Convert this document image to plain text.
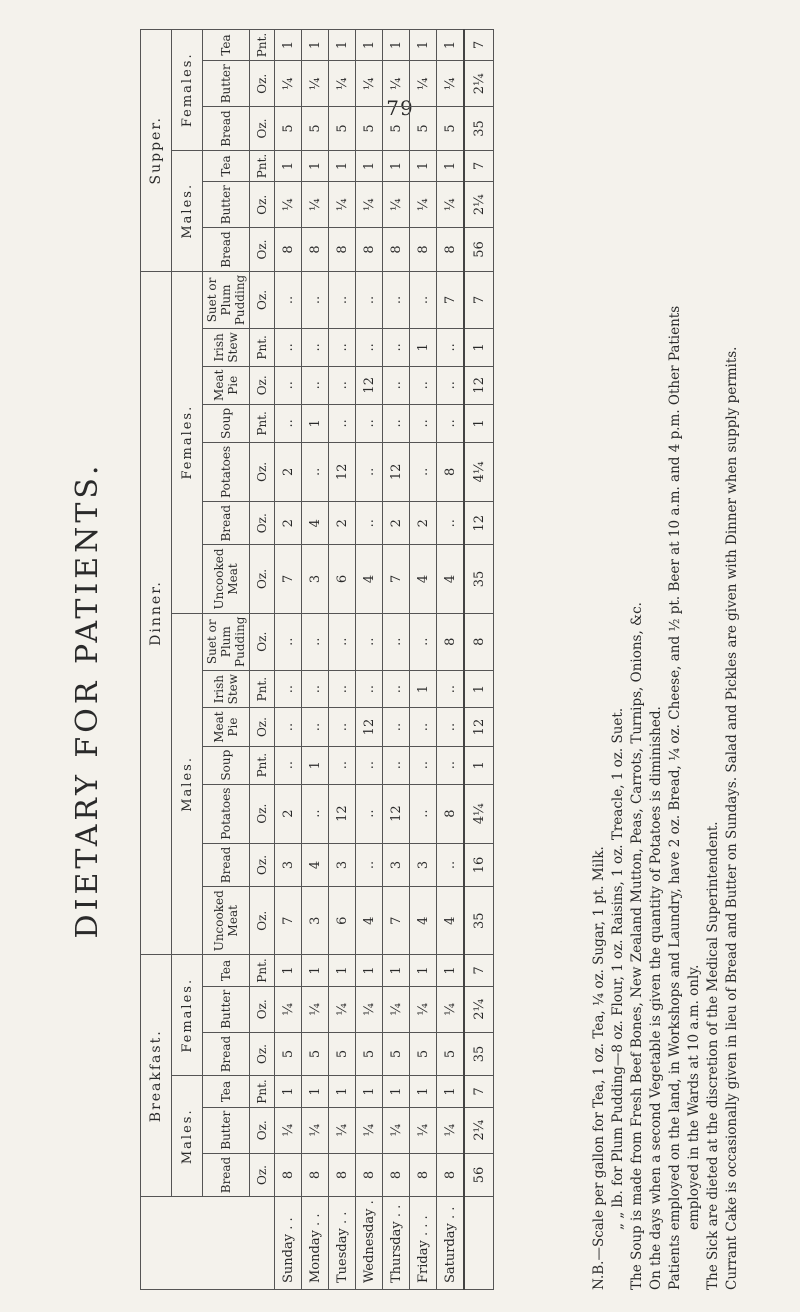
79
DIETARY FOR PATIENTS.
	Breakfast.						Dinner.														Supper.					
	Males.			Females.			Males.							Females.							Males.			Females.		
	Bread	Butter	Tea	Bread	Butter	Tea	Uncooked Meat	Bread	Potatoes	Soup	Meat Pie	Irish Stew	Suet or Plum Pudding	Uncooked Meat	Bread	Potatoes	Soup	Meat Pie	Irish Stew	Suet or Plum Pudding	Bread	Butter	Tea	Bread	Butter	Tea
	Oz.	Oz.	Pnt.	Oz.	Oz.	Pnt.	Oz.	Oz.	Oz.	Pnt.	Oz.	Pnt.	Oz.	Oz.	Oz.	Oz.	Pnt.	Oz.	Pnt.	Oz.	Oz.	Oz.	Pnt.	Oz.	Oz.	Pnt.
Sunday . .	8	¼	1	5	¼	1	7	3	2	..	..	..	..	7	2	2	..	..	..	..	8	¼	1	5	¼	1
Monday . .	8	¼	1	5	¼	1	3	4	..	1	..	..	..	3	4	..	1	..	..	..	8	¼	1	5	¼	1
Tuesday . .	8	¼	1	5	¼	1	6	3	12	..	..	..	..	6	2	12	..	..	..	..	8	¼	1	5	¼	1
Wednesday .	8	¼	1	5	¼	1	4	..	..	..	12	..	..	4	..	..	..	12	..	..	8	¼	1	5	¼	1
Thursday . .	8	¼	1	5	¼	1	7	3	12	..	..	..	..	7	2	12	..	..	..	..	8	¼	1	5	¼	1
Friday . . .	8	¼	1	5	¼	1	4	3	..	..	..	1	..	4	2	..	..	..	1	..	8	¼	1	5	¼	1
Saturday . .	8	¼	1	5	¼	1	4	..	8	..	..	..	8	4	..	8	..	..	..	7	8	¼	1	5	¼	1
	56	2¼	7	35	2¼	7	35	16	4¼	1	12	1	8	35	12	4¼	1	12	1	7	56	2¼	7	35	2¼	7
N.B.—Scale per gallon for Tea, 1 oz. Tea, ¼ oz. Sugar, 1 pt. Milk. „ „ lb. for Plum Pudding—8 oz. Flour, 1 oz. Raisins, 1 oz. Treacle, 1 oz. Suet. The Soup is made from Fresh Beef Bones, New Zealand Mutton, Peas, Carrots, Turnips, Onions, &c. On the days when a second Vegetable is given the quantity of Potatoes is diminished. Patients employed on the land, in Workshops and Laundry, have 2 oz. Bread, ¼ oz. Cheese, and ½ pt. Beer at 10 a.m. and 4 p.m. Other Patients employed in the Wards at 10 a.m. only. The Sick are dieted at the discretion of the Medical Superintendent. Currant Cake is occasionally given in lieu of Bread and Butter on Sundays. Salad and Pickles are given with Dinner when supply permits.
